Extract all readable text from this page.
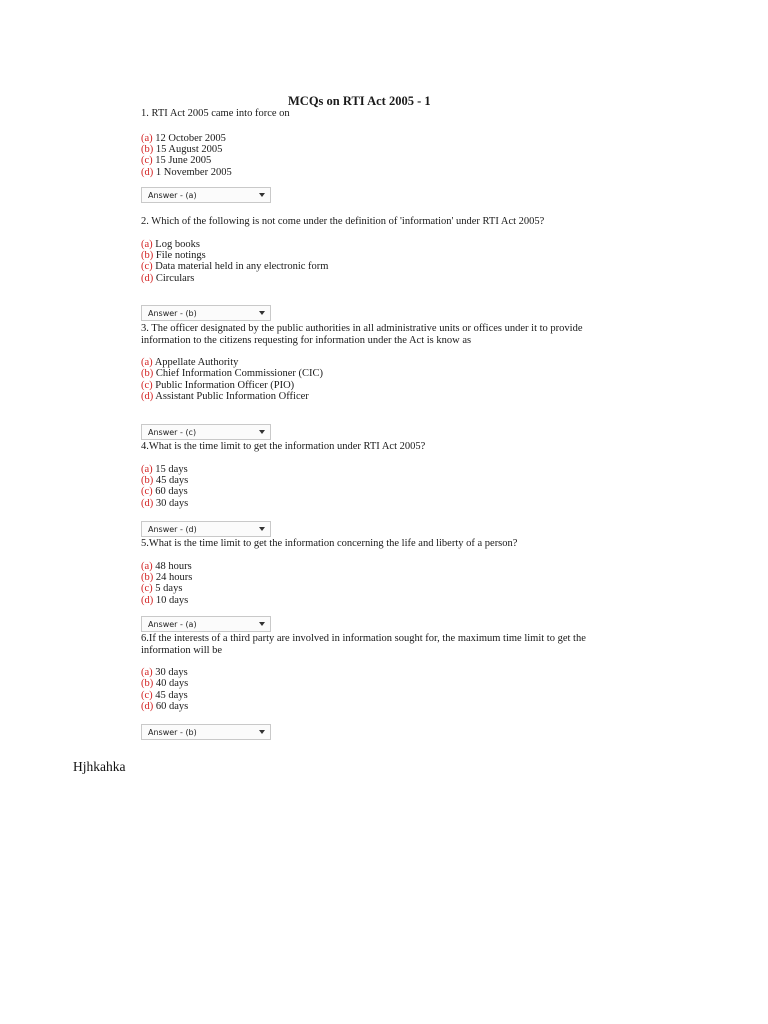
MCQs on RTI Act 2005 - 1

1. RTI Act 2005 came into force on

(a) 12 October 2005
(b) 15 August 2005
(c) 15 June 2005
(d) 1 November 2005
Answer - (a)

2. Which of the following is not come under the definition of 'information' under RTI Act 2005?

(a) Log books
(b) File notings
(c) Data material held in any electronic form
(d) Circulars
Answer - (b)

3. The officer designated by the public authorities in all administrative units or offices under it to provide information to the citizens requesting for information under the Act is know as

(a) Appellate Authority
(b) Chief Information Commissioner (CIC)
(c) Public Information Officer (PIO)
(d) Assistant Public Information Officer
Answer - (c)

4.What is the time limit to get the information under RTI Act 2005?

(a) 15 days
(b) 45 days
(c) 60 days
(d) 30 days
Answer - (d)

5.What is the time limit to get the information concerning the life and liberty of a person?

(a) 48 hours
(b) 24 hours
(c) 5 days
(d) 10 days
Answer - (a)

6.If the interests of a third party are involved in information sought for, the maximum time limit to get the information will be

(a) 30 days
(b) 40 days
(c) 45 days
(d) 60 days
Answer - (b)
Hjhkahka
